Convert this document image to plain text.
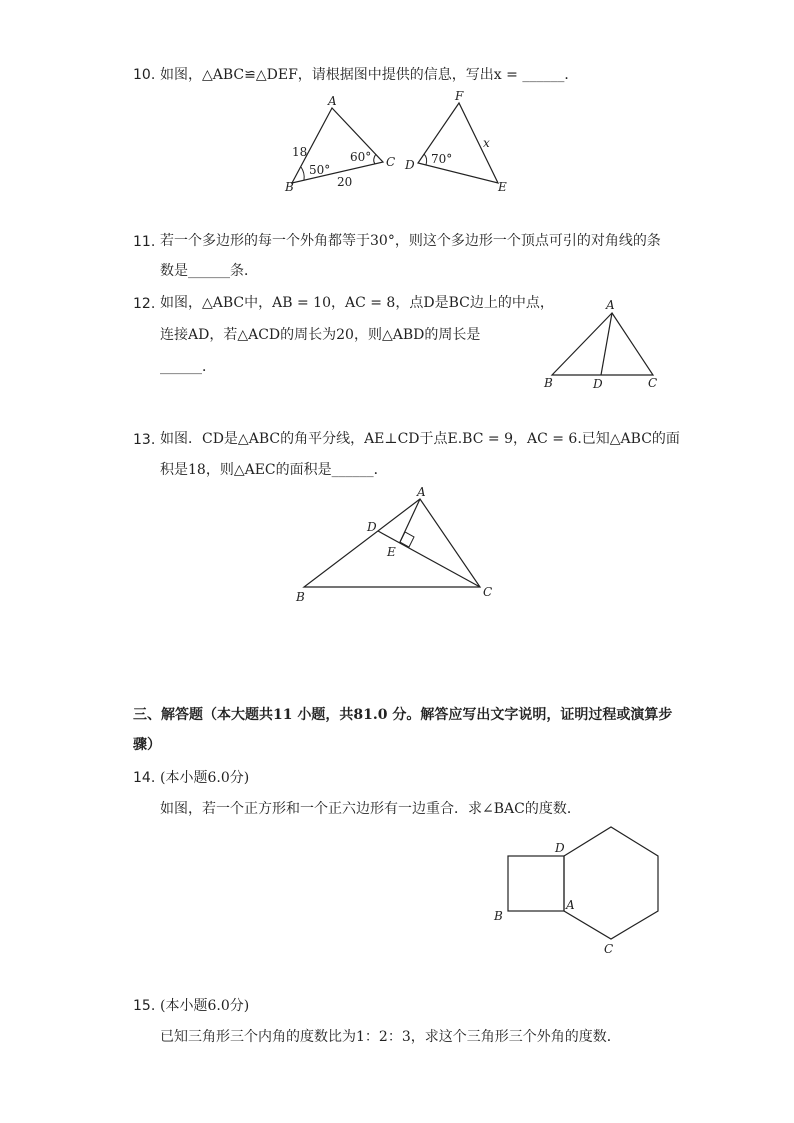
10. 如图，△ABC≌△DEF，请根据图中提供的信息，写出x = ______．
A
B
C
18
50°
60°
20
F
D
E
70°
x
11. 若一个多边形的每一个外角都等于30°，则这个多边形一个顶点可引的对角线的条
数是______条．
12. 如图，△ABC中，AB = 10，AC = 8，点D是BC边上的中点，
连接AD，若△ACD的周长为20，则△ABD的周长是
______．
A
B	D	C
13. 如图．CD是△ABC的角平分线，AE⊥CD于点E.BC = 9，AC = 6.已知△ABC的面
积是18，则△AEC的面积是______．
A
D
E
B	C
三、解答题（本大题共11 小题，共81.0 分。解答应写出文字说明，证明过程或演算步
骤）
14. (本小题6.0分)
如图，若一个正方形和一个正六边形有一边重合．求∠BAC的度数．
D
A
B
C
15. (本小题6.0分)
已知三角形三个内角的度数比为1：2：3，求这个三角形三个外角的度数．
